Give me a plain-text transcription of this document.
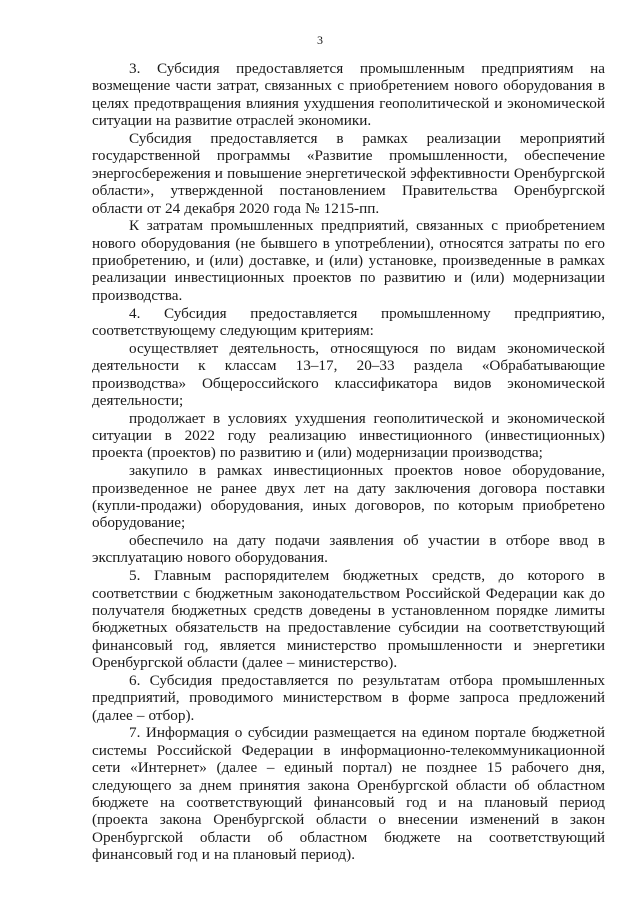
3

3. Субсидия предоставляется промышленным предприятиям на возмещение части затрат, связанных с приобретением нового оборудования в целях предотвращения влияния ухудшения геополитической и экономической ситуации на развитие отраслей экономики.

Субсидия предоставляется в рамках реализации мероприятий государственной программы «Развитие промышленности, обеспечение энергосбережения и повышение энергетической эффективности Оренбургской области», утвержденной постановлением Правительства Оренбургской области от 24 декабря 2020 года № 1215-пп.

К затратам промышленных предприятий, связанных с приобретением нового оборудования (не бывшего в употреблении), относятся затраты по его приобретению, и (или) доставке, и (или) установке, произведенные в рамках реализации инвестиционных проектов по развитию и (или) модернизации производства.

4. Субсидия предоставляется промышленному предприятию, соответствующему следующим критериям:

осуществляет деятельность, относящуюся по видам экономической деятельности к классам 13–17, 20–33 раздела «Обрабатывающие производства» Общероссийского классификатора видов экономической деятельности;

продолжает в условиях ухудшения геополитической и экономической ситуации в 2022 году реализацию инвестиционного (инвестиционных) проекта (проектов) по развитию и (или) модернизации производства;

закупило в рамках инвестиционных проектов новое оборудование, произведенное не ранее двух лет на дату заключения договора поставки (купли-продажи) оборудования, иных договоров, по которым приобретено оборудование;

обеспечило на дату подачи заявления об участии в отборе ввод в эксплуатацию нового оборудования.

5. Главным распорядителем бюджетных средств, до которого в соответствии с бюджетным законодательством Российской Федерации как до получателя бюджетных средств доведены в установленном порядке лимиты бюджетных обязательств на предоставление субсидии на соответствующий финансовый год, является министерство промышленности и энергетики Оренбургской области (далее – министерство).

6. Субсидия предоставляется по результатам отбора промышленных предприятий, проводимого министерством в форме запроса предложений (далее – отбор).

7. Информация о субсидии размещается на едином портале бюджетной системы Российской Федерации в информационно-телекоммуникационной сети «Интернет» (далее – единый портал) не позднее 15 рабочего дня, следующего за днем принятия закона Оренбургской области об областном бюджете на соответствующий финансовый год и на плановый период (проекта закона Оренбургской области о внесении изменений в закон Оренбургской области об областном бюджете на соответствующий финансовый год и на плановый период).
